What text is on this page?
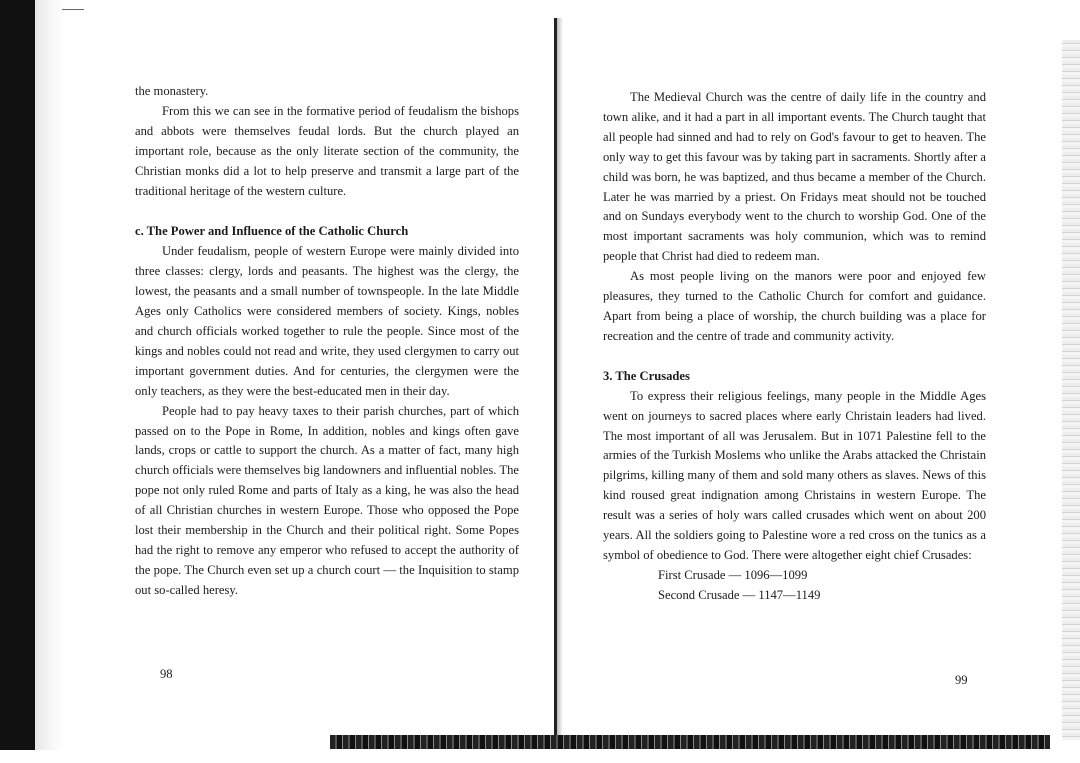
the monastery.

From this we can see in the formative period of feudalism the bishops and abbots were themselves feudal lords. But the church played an important role, because as the only literate section of the community, the Christian monks did a lot to help preserve and transmit a large part of the traditional heritage of the western culture.

c. The Power and Influence of the Catholic Church

Under feudalism, people of western Europe were mainly divided into three classes: clergy, lords and peasants. The highest was the clergy, the lowest, the peasants and a small number of townspeople. In the late Middle Ages only Catholics were considered members of society. Kings, nobles and church officials worked together to rule the people. Since most of the kings and nobles could not read and write, they used clergymen to carry out important government duties. And for centuries, the clergymen were the only teachers, as they were the best-educated men in their day.

People had to pay heavy taxes to their parish churches, part of which passed on to the Pope in Rome, In addition, nobles and kings often gave lands, crops or cattle to support the church. As a matter of fact, many high church officials were themselves big landowners and influential nobles. The pope not only ruled Rome and parts of Italy as a king, he was also the head of all Christian churches in western Europe. Those who opposed the Pope lost their membership in the Church and their political right. Some Popes had the right to remove any emperor who refused to accept the authority of the pope. The Church even set up a church court — the Inquisition to stamp out so-called heresy.

98

The Medieval Church was the centre of daily life in the country and town alike, and it had a part in all important events. The Church taught that all people had sinned and had to rely on God's favour to get to heaven. The only way to get this favour was by taking part in sacraments. Shortly after a child was born, he was baptized, and thus became a member of the Church. Later he was married by a priest. On Fridays meat should not be touched and on Sundays everybody went to the church to worship God. One of the most important sacraments was holy communion, which was to remind people that Christ had died to redeem man.

As most people living on the manors were poor and enjoyed few pleasures, they turned to the Catholic Church for comfort and guidance. Apart from being a place of worship, the church building was a place for recreation and the centre of trade and community activity.

3. The Crusades

To express their religious feelings, many people in the Middle Ages went on journeys to sacred places where early Christain leaders had lived. The most important of all was Jerusalem. But in 1071 Palestine fell to the armies of the Turkish Moslems who unlike the Arabs attacked the Christain pilgrims, killing many of them and sold many others as slaves. News of this kind roused great indignation among Christains in western Europe. The result was a series of holy wars called crusades which went on about 200 years. All the soldiers going to Palestine wore a red cross on the tunics as a symbol of obedience to God. There were altogether eight chief Crusades:

First Crusade — 1096—1099
Second Crusade — 1147—1149
99
